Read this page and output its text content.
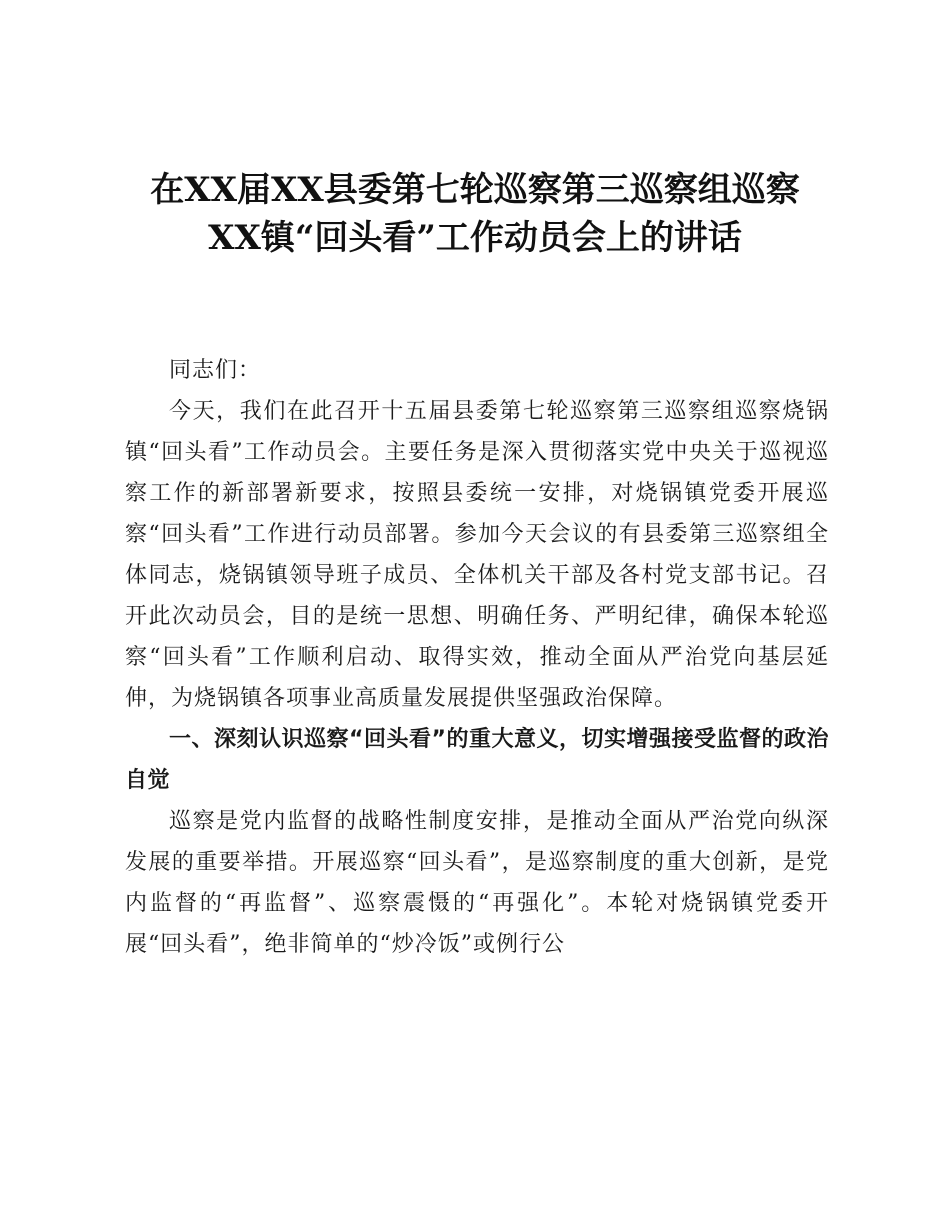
在XX届XX县委第七轮巡察第三巡察组巡察
XX镇“回头看”工作动员会上的讲话

同志们：

今天，我们在此召开十五届县委第七轮巡察第三巡察组巡察烧锅镇“回头看”工作动员会。主要任务是深入贯彻落实党中央关于巡视巡察工作的新部署新要求，按照县委统一安排，对烧锅镇党委开展巡察“回头看”工作进行动员部署。参加今天会议的有县委第三巡察组全体同志，烧锅镇领导班子成员、全体机关干部及各村党支部书记。召开此次动员会，目的是统一思想、明确任务、严明纪律，确保本轮巡察“回头看”工作顺利启动、取得实效，推动全面从严治党向基层延伸，为烧锅镇各项事业高质量发展提供坚强政治保障。

一、深刻认识巡察“回头看”的重大意义，切实增强接受监督的政治自觉

巡察是党内监督的战略性制度安排，是推动全面从严治党向纵深发展的重要举措。开展巡察“回头看”，是巡察制度的重大创新，是党内监督的“再监督”、巡察震慑的“再强化”。本轮对烧锅镇党委开展“回头看”，绝非简单的“炒冷饭”或例行公
